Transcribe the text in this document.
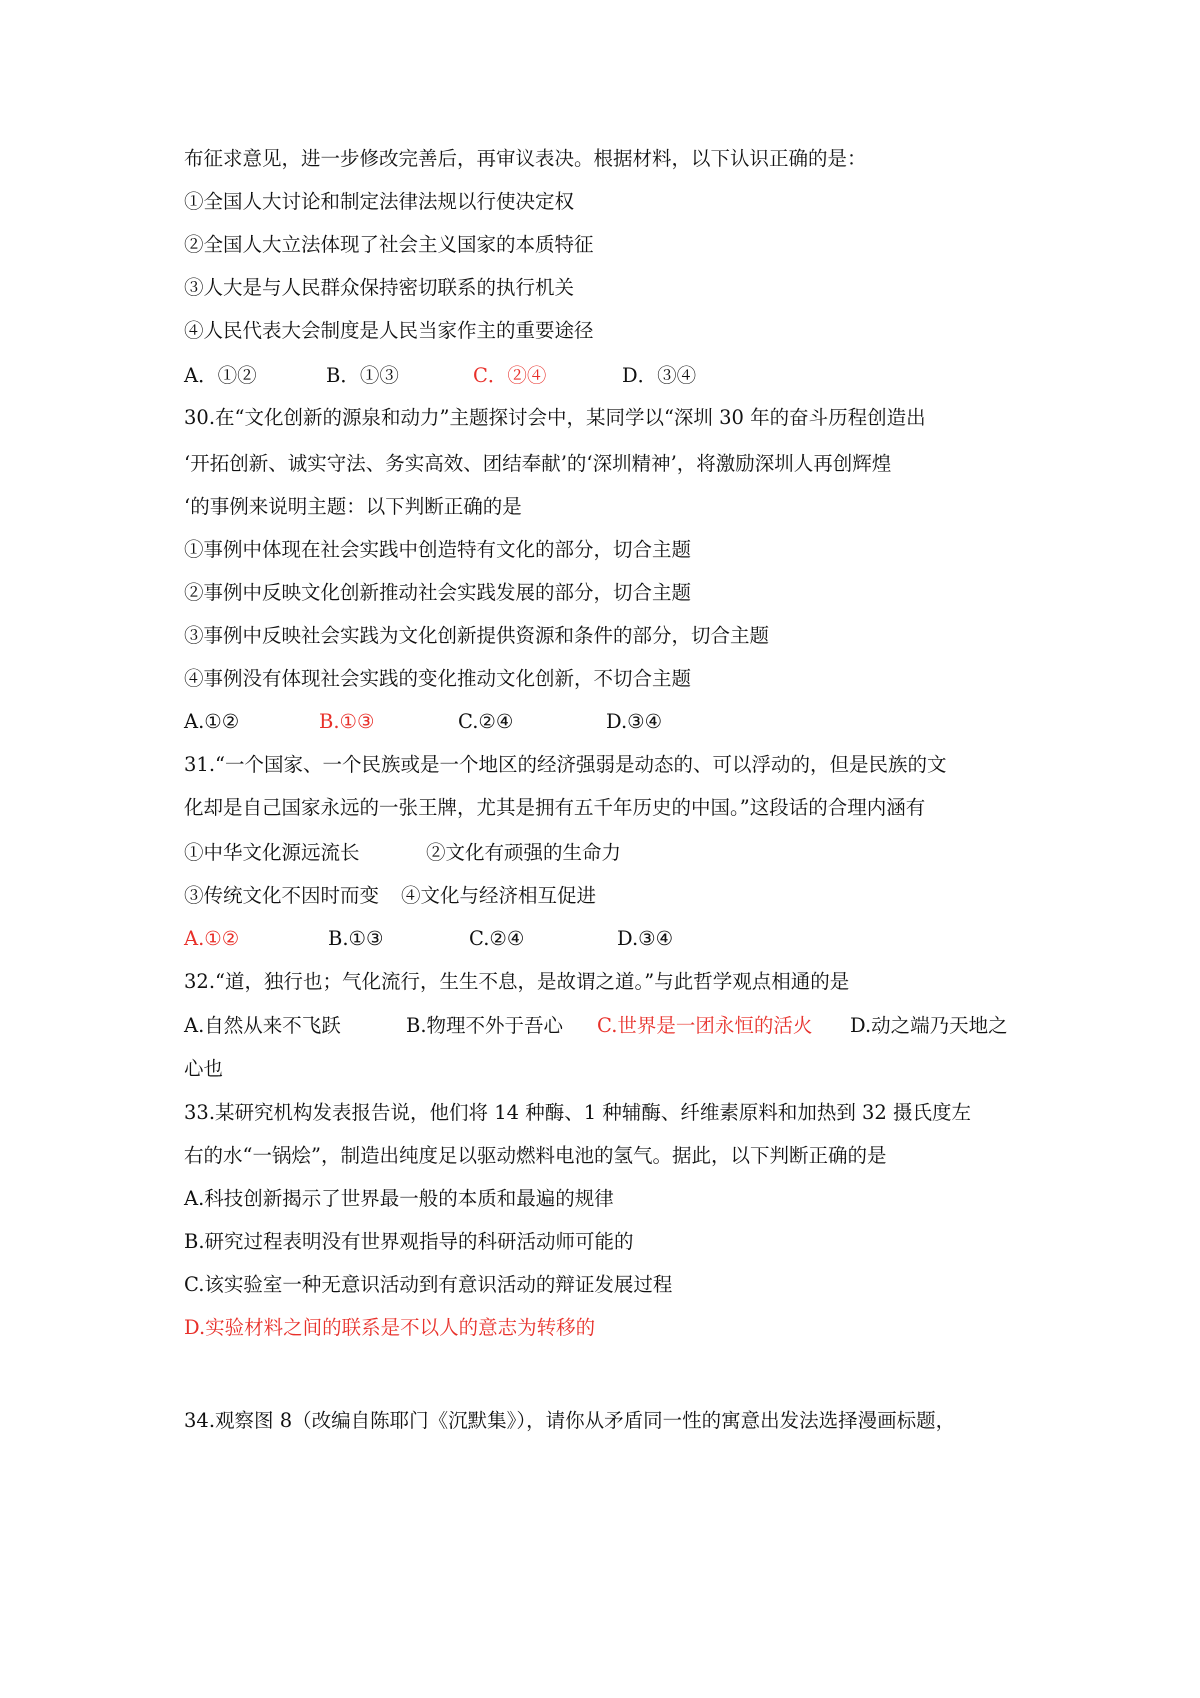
布征求意见，进一步修改完善后，再审议表决。根据材料，以下认识正确的是：
①全国人大讨论和制定法律法规以行使决定权
②全国人大立法体现了社会主义国家的本质特征
③人大是与人民群众保持密切联系的执行机关
④人民代表大会制度是人民当家作主的重要途径
A．①②	B．①③	C．②④	D．③④
30.在“文化创新的源泉和动力”主题探讨会中，某同学以“深圳 30 年的奋斗历程创造出
‘开拓创新、诚实守法、务实高效、团结奉献’的‘深圳精神’，将激励深圳人再创辉煌
‘的事例来说明主题：以下判断正确的是
①事例中体现在社会实践中创造特有文化的部分，切合主题
②事例中反映文化创新推动社会实践发展的部分，切合主题
③事例中反映社会实践为文化创新提供资源和条件的部分，切合主题
④事例没有体现社会实践的变化推动文化创新，不切合主题
A.①②	B.①③	C.②④	D.③④
31.“一个国家、一个民族或是一个地区的经济强弱是动态的、可以浮动的，但是民族的文
化却是自己国家永远的一张王牌，尤其是拥有五千年历史的中国。”这段话的合理内涵有
①中华文化源远流长	②文化有顽强的生命力
③传统文化不因时而变 ④文化与经济相互促进
A.①②	B.①③	C.②④	D.③④
32.“道，独行也；气化流行，生生不息，是故谓之道。”与此哲学观点相通的是
A.自然从来不飞跃	B.物理不外于吾心 C.世界是一团永恒的活火 D.动之端乃天地之
心也
33.某研究机构发表报告说，他们将 14 种酶、1 种辅酶、纤维素原料和加热到 32 摄氏度左
右的水“一锅烩”，制造出纯度足以驱动燃料电池的氢气。据此，以下判断正确的是
A.科技创新揭示了世界最一般的本质和最遍的规律
B.研究过程表明没有世界观指导的科研活动师可能的
C.该实验室一种无意识活动到有意识活动的辩证发展过程
D.实验材料之间的联系是不以人的意志为转移的
34.观察图 8（改编自陈耶门《沉默集》），请你从矛盾同一性的寓意出发法选择漫画标题，
